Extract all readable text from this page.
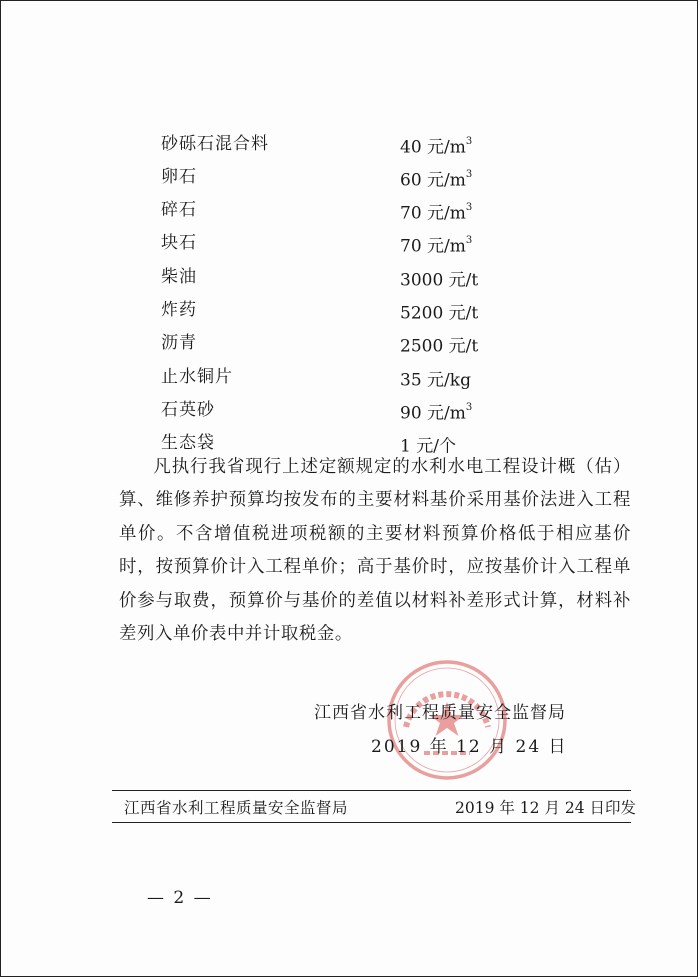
砂砾石混合料	40 元$/m^3$
卵石	60 元$/m^3$
碎石	70 元$/m^3$
块石	70 元$/m^3$
柴油	3000 元/t
炸药	5200 元/t
沥青	2500 元/t
止水铜片	35 元/kg
石英砂	90 元$/m^3$
生态袋	1 元/个

凡执行我省现行上述定额规定的水利水电工程设计概（估）算、维修养护预算均按发布的主要材料基价采用基价法进入工程单价。不含增值税进项税额的主要材料预算价格低于相应基价时，按预算价计入工程单价；高于基价时，应按基价计入工程单价参与取费，预算价与基价的差值以材料补差形式计算，材料补差列入单价表中并计取税金。

江西省水利工程质量安全监督局
2019 年 12 月 24 日
江西省水利工程质量安全监督局	2019 年 12 月 24 日印发
— 2 —
